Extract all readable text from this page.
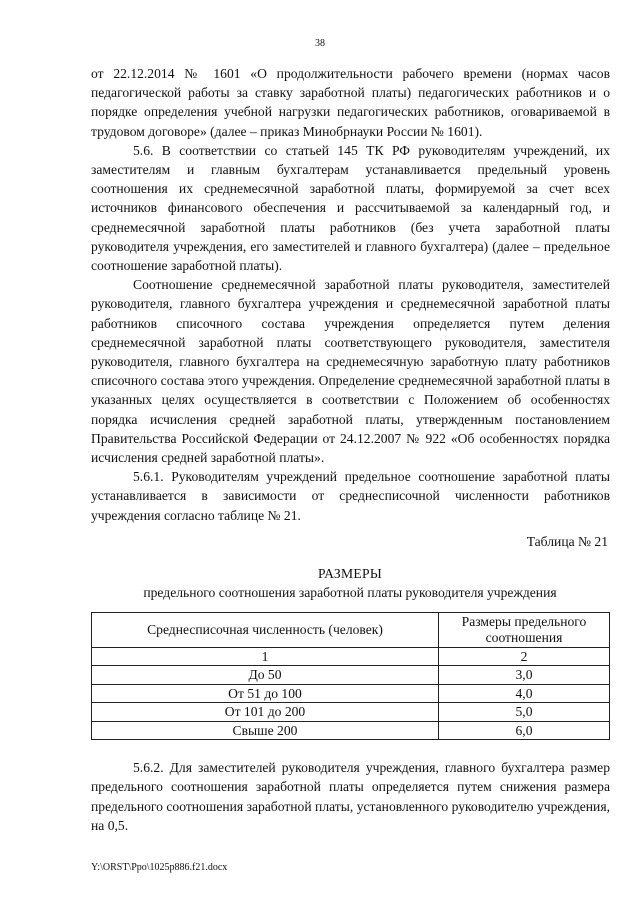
38

от 22.12.2014 № 1601 «О продолжительности рабочего времени (нормах часов педагогической работы за ставку заработной платы) педагогических работников и о порядке определения учебной нагрузки педагогических работников, оговариваемой в трудовом договоре» (далее – приказ Минобрнауки России № 1601).

5.6. В соответствии со статьей 145 ТК РФ руководителям учреждений, их заместителям и главным бухгалтерам устанавливается предельный уровень соотношения их среднемесячной заработной платы, формируемой за счет всех источников финансового обеспечения и рассчитываемой за календарный год, и среднемесячной заработной платы работников (без учета заработной платы руководителя учреждения, его заместителей и главного бухгалтера) (далее – предельное соотношение заработной платы).

Соотношение среднемесячной заработной платы руководителя, заместителей руководителя, главного бухгалтера учреждения и среднемесячной заработной платы работников списочного состава учреждения определяется путем деления среднемесячной заработной платы соответствующего руководителя, заместителя руководителя, главного бухгалтера на среднемесячную заработную плату работников списочного состава этого учреждения. Определение среднемесячной заработной платы в указанных целях осуществляется в соответствии с Положением об особенностях порядка исчисления средней заработной платы, утвержденным постановлением Правительства Российской Федерации от 24.12.2007 № 922 «Об особенностях порядка исчисления средней заработной платы».

5.6.1. Руководителям учреждений предельное соотношение заработной платы устанавливается в зависимости от среднесписочной численности работников учреждения согласно таблице № 21.

Таблица № 21
РАЗМЕРЫ
предельного соотношения заработной платы руководителя учреждения
Среднесписочная численность (человек)	Размеры предельного соотношения
1	2
До 50	3,0
От 51 до 100	4,0
От 101 до 200	5,0
Свыше 200	6,0

5.6.2. Для заместителей руководителя учреждения, главного бухгалтера размер предельного соотношения заработной платы определяется путем снижения размера предельного соотношения заработной платы, установленного руководителю учреждения, на 0,5.

Y:\ORST\Ppo\1025p886.f21.docx
